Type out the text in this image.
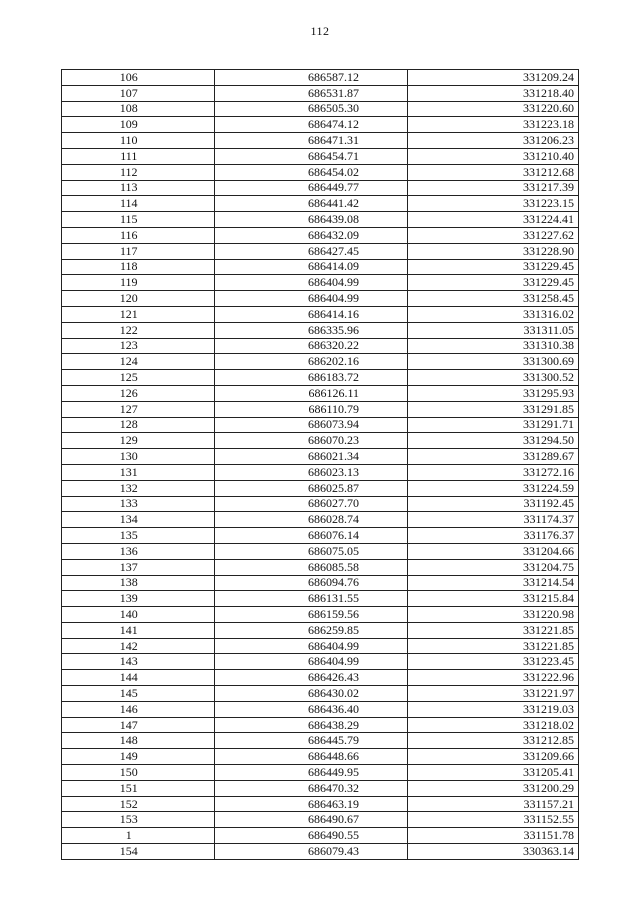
112
106	686587.12	331209.24
107	686531.87	331218.40
108	686505.30	331220.60
109	686474.12	331223.18
110	686471.31	331206.23
111	686454.71	331210.40
112	686454.02	331212.68
113	686449.77	331217.39
114	686441.42	331223.15
115	686439.08	331224.41
116	686432.09	331227.62
117	686427.45	331228.90
118	686414.09	331229.45
119	686404.99	331229.45
120	686404.99	331258.45
121	686414.16	331316.02
122	686335.96	331311.05
123	686320.22	331310.38
124	686202.16	331300.69
125	686183.72	331300.52
126	686126.11	331295.93
127	686110.79	331291.85
128	686073.94	331291.71
129	686070.23	331294.50
130	686021.34	331289.67
131	686023.13	331272.16
132	686025.87	331224.59
133	686027.70	331192.45
134	686028.74	331174.37
135	686076.14	331176.37
136	686075.05	331204.66
137	686085.58	331204.75
138	686094.76	331214.54
139	686131.55	331215.84
140	686159.56	331220.98
141	686259.85	331221.85
142	686404.99	331221.85
143	686404.99	331223.45
144	686426.43	331222.96
145	686430.02	331221.97
146	686436.40	331219.03
147	686438.29	331218.02
148	686445.79	331212.85
149	686448.66	331209.66
150	686449.95	331205.41
151	686470.32	331200.29
152	686463.19	331157.21
153	686490.67	331152.55
1	686490.55	331151.78
154	686079.43	330363.14
